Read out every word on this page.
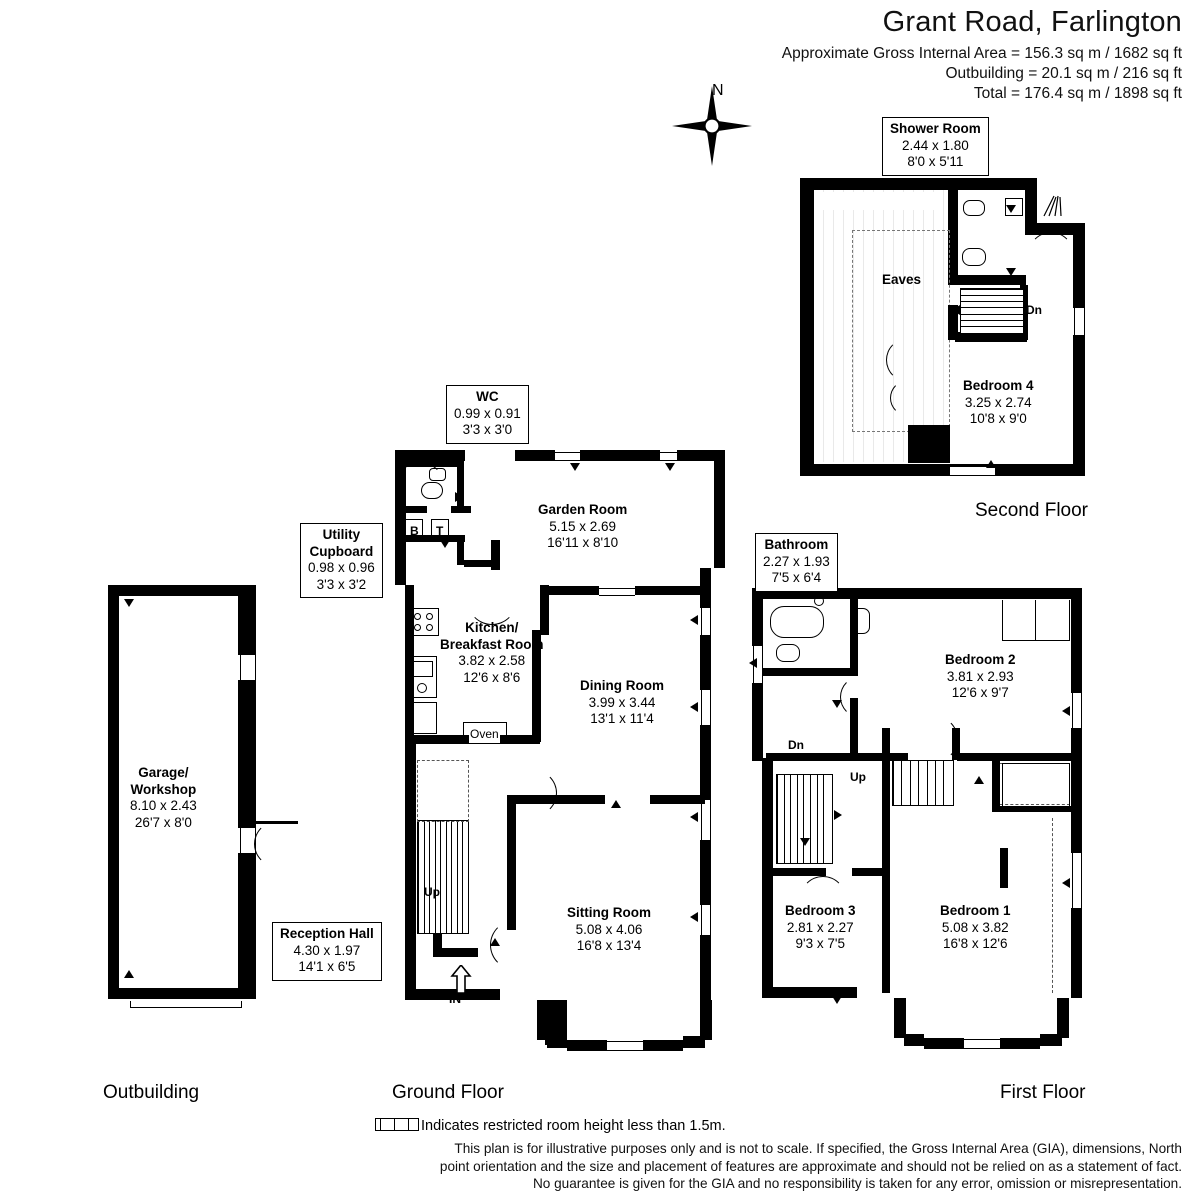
Grant Road, Farlington
Approximate Gross Internal Area = 156.3 sq m / 1682 sq ft
Outbuilding = 20.1 sq m / 216 sq ft
Total = 176.4 sq m / 1898 sq ft
N
Garage/
Workshop
8.10 x 2.43
26'7 x 8'0
Outbuilding
WC
0.99 x 0.91
3'3 x 3'0
Utility
Cupboard
0.98 x 0.96
3'3 x 3'2
Garden Room
5.15 x 2.69
16'11 x 8'10
Kitchen/
Breakfast Room
3.82 x 2.58
12'6 x 8'6
Dining Room
3.99 x 3.44
13'1 x 11'4
Sitting Room
5.08 x 4.06
16'8 x 13'4
Reception Hall
4.30 x 1.97
14'1 x 6'5
Up
IN
Oven
B T
Ground Floor
Bathroom
2.27 x 1.93
7'5 x 6'4
Bedroom 2
3.81 x 2.93
12'6 x 9'7
Bedroom 3
2.81 x 2.27
9'3 x 7'5
Bedroom 1
5.08 x 3.82
16'8 x 12'6
Dn
Up
First Floor
Shower Room
2.44 x 1.80
8'0 x 5'11
Eaves
Bedroom 4
3.25 x 2.74
10'8 x 9'0
Dn
Second Floor
Indicates restricted room height less than 1.5m.
This plan is for illustrative purposes only and is not to scale. If specified, the Gross Internal Area (GIA), dimensions, North point orientation and the size and placement of features are approximate and should not be relied on as a statement of fact. No guarantee is given for the GIA and no responsibility is taken for any error, omission or misrepresentation.
